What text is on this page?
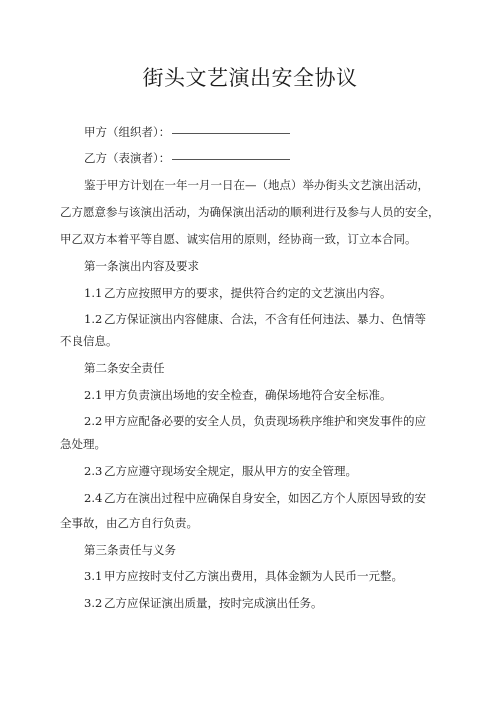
街头文艺演出安全协议
甲方（组织者）：
乙方（表演者）：
鉴于甲方计划在一年一月一日在—（地点）举办街头文艺演出活动，
乙方愿意参与该演出活动，为确保演出活动的顺利进行及参与人员的安全，
甲乙双方本着平等自愿、诚实信用的原则，经协商一致，订立本合同。
第一条演出内容及要求
1.1 乙方应按照甲方的要求，提供符合约定的文艺演出内容。
1.2 乙方保证演出内容健康、合法，不含有任何违法、暴力、色情等
不良信息。
第二条安全责任
2.1 甲方负责演出场地的安全检查，确保场地符合安全标准。
2.2 甲方应配备必要的安全人员，负责现场秩序维护和突发事件的应
急处理。
2.3 乙方应遵守现场安全规定，服从甲方的安全管理。
2.4 乙方在演出过程中应确保自身安全，如因乙方个人原因导致的安
全事故，由乙方自行负责。
第三条责任与义务
3.1 甲方应按时支付乙方演出费用，具体金额为人民币一元整。
3.2 乙方应保证演出质量，按时完成演出任务。
